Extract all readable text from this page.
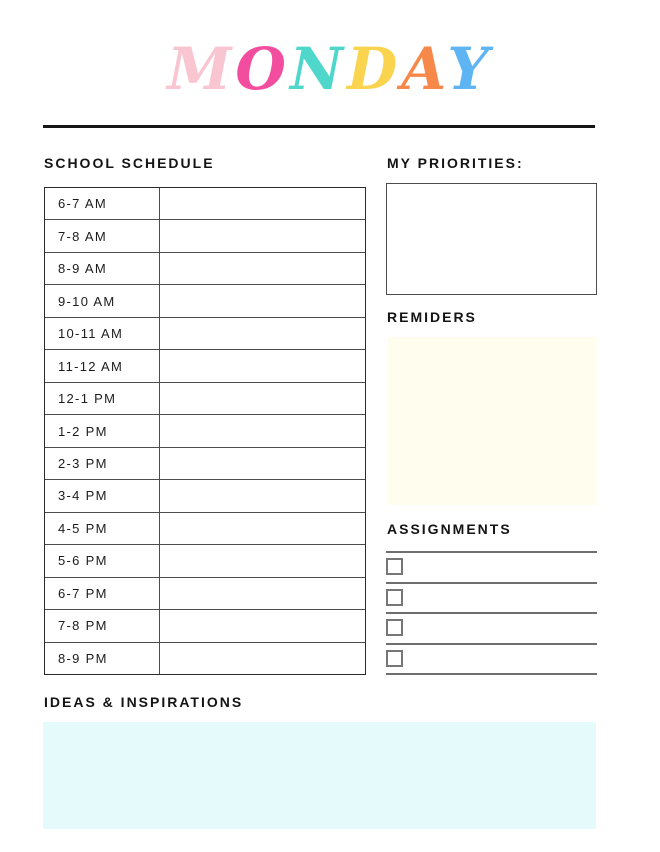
MONDAY
SCHOOL SCHEDULE
6-7 AM
7-8 AM
8-9 AM
9-10 AM
10-11 AM
11-12 AM
12-1 PM
1-2 PM
2-3 PM
3-4 PM
4-5 PM
5-6 PM
6-7 PM
7-8 PM
8-9 PM
MY PRIORITIES:
REMIDERS
ASSIGNMENTS
IDEAS & INSPIRATIONS
